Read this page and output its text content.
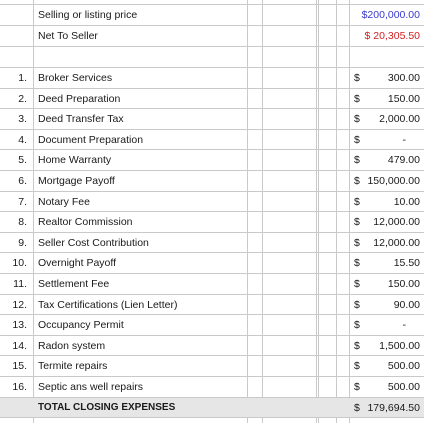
Selling or listing price	$200,000.00
Net To Seller	$ 20,305.50
1.	Broker Services	$	300.00
2.	Deed Preparation	$	150.00
3.	Deed Transfer Tax	$ 2,000.00
4.	Document Preparation	$	-
5.	Home Warranty	$	479.00
6.	Mortgage Payoff	$ 150,000.00
7.	Notary Fee	$	10.00
8.	Realtor Commission	$ 12,000.00
9.	Seller Cost Contribution	$ 12,000.00
10.	Overnight Payoff	$	15.50
11.	Settlement Fee	$	150.00
12.	Tax Certifications (Lien Letter)	$	90.00
13.	Occupancy Permit	$	-
14.	Radon system	$ 1,500.00
15.	Termite repairs	$	500.00
16.	Septic ans well repairs	$	500.00
TOTAL CLOSING EXPENSES	$ 179,694.50
